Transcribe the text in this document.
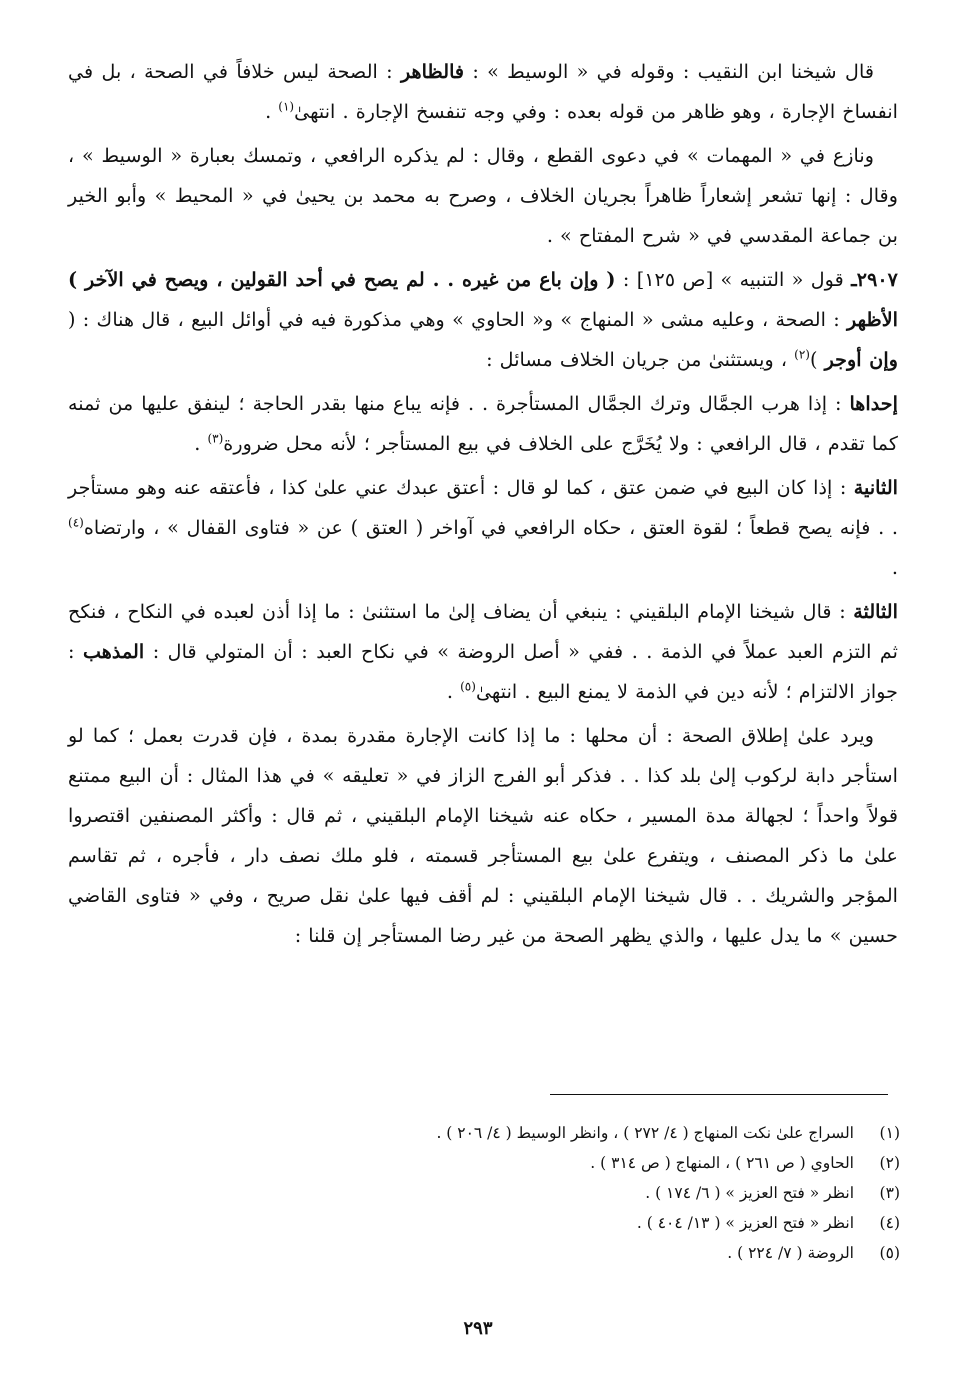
قال شيخنا ابن النقيب : وقوله في « الوسيط » : فالظاهر : الصحة ليس خلافاً في الصحة ، بل في انفساخ الإجارة ، وهو ظاهر من قوله بعده : وفي وجه تنفسخ الإجارة . انتهىٰ$^{(١)}$ .

ونازع في « المهمات » في دعوى القطع ، وقال : لم يذكره الرافعي ، وتمسك بعبارة « الوسيط » ، وقال : إنها تشعر إشعاراً ظاهراً بجريان الخلاف ، وصرح به محمد بن يحيىٰ في « المحيط » وأبو الخير بن جماعة المقدسي في « شرح المفتاح » .

٢٩٠٧ـ قول « التنبيه » [ص ١٢٥] : ( وإن باع من غيره . . لم يصح في أحد القولين ، ويصح في الآخر ) الأظهر : الصحة ، وعليه مشى « المنهاج » و« الحاوي » وهي مذكورة فيه في أوائل البيع ، قال هناك : ( وإن أوجر )$^{(٢)}$ ، ويستثنىٰ من جريان الخلاف مسائل :

إحداها : إذا هرب الجمَّال وترك الجمَّال المستأجرة . . فإنه يباع منها بقدر الحاجة ؛ لينفق عليها من ثمنه كما تقدم ، قال الرافعي : ولا يُخَرَّج على الخلاف في بيع المستأجر ؛ لأنه محل ضرورة$^{(٣)}$ .

الثانية : إذا كان البيع في ضمن عتق ، كما لو قال : أعتق عبدك عني علىٰ كذا ، فأعتقه عنه وهو مستأجر . . فإنه يصح قطعاً ؛ لقوة العتق ، حكاه الرافعي في آواخر ( العتق ) عن « فتاوى القفال » ، وارتضاه$^{(٤)}$ .

الثالثة : قال شيخنا الإمام البلقيني : ينبغي أن يضاف إلىٰ ما استثنىٰ : ما إذا أذن لعبده في النكاح ، فنكح ثم التزم العبد عملاً في الذمة . . ففي « أصل الروضة » في نكاح العبد : أن المتولي قال : المذهب : جواز الالتزام ؛ لأنه دين في الذمة لا يمنع البيع . انتهىٰ$^{(٥)}$ .

ويرد علىٰ إطلاق الصحة : أن محلها : ما إذا كانت الإجارة مقدرة بمدة ، فإن قدرت بعمل ؛ كما لو استأجر دابة لركوب إلىٰ بلد كذا . . فذكر أبو الفرج الزاز في « تعليقه » في هذا المثال : أن البيع ممتنع قولاً واحداً ؛ لجهالة مدة المسير ، حكاه عنه شيخنا الإمام البلقيني ، ثم قال : وأكثر المصنفين اقتصروا علىٰ ما ذكر المصنف ، ويتفرع علىٰ بيع المستأجر قسمته ، فلو ملك نصف دار ، فأجره ، ثم تقاسم المؤجر والشريك . . قال شيخنا الإمام البلقيني : لم أقف فيها علىٰ نقل صريح ، وفي « فتاوى القاضي حسين » ما يدل عليها ، والذي يظهر الصحة من غير رضا المستأجر إن قلنا :

(١)السراج علىٰ نكت المنهاج ( ٤/ ٢٧٢ ) ، وانظر الوسيط ( ٤/ ٢٠٦ ) .

(٢)الحاوي ( ص ٢٦١ ) ، المنهاج ( ص ٣١٤ ) .

(٣)انظر « فتح العزيز » ( ٦/ ١٧٤ ) .

(٤)انظر « فتح العزيز » ( ١٣/ ٤٠٤ ) .

(٥)الروضة ( ٧/ ٢٢٤ ) .

٢٩٣
